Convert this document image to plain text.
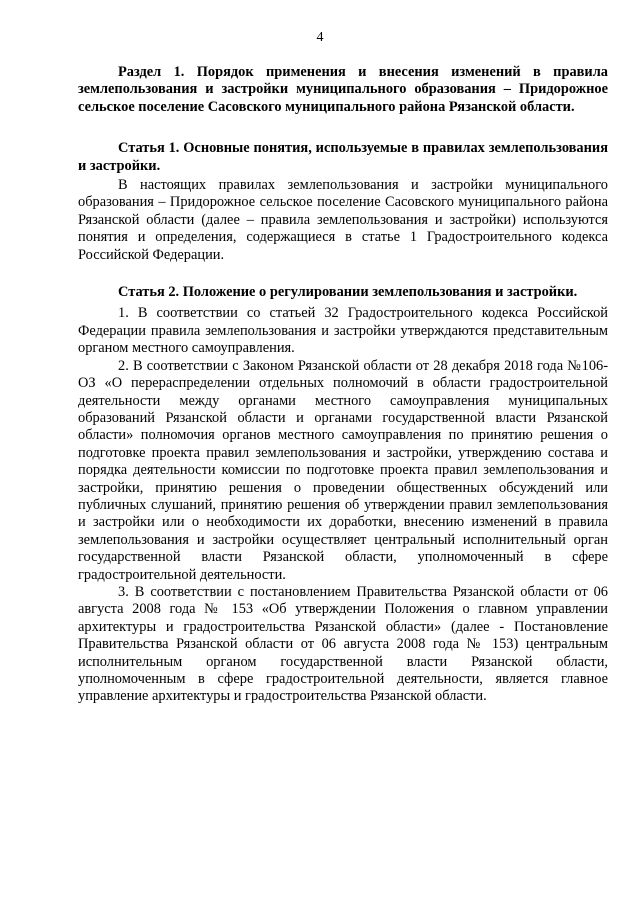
4

Раздел 1. Порядок применения и внесения изменений в правила землепользования и застройки муниципального образования – Придорожное сельское поселение Сасовского муниципального района Рязанской области.

Статья 1. Основные понятия, используемые в правилах землепользования и застройки.

В настоящих правилах землепользования и застройки муниципального образования – Придорожное сельское поселение Сасовского муниципального района Рязанской области (далее – правила землепользования и застройки) используются понятия и определения, содержащиеся в статье 1 Градостроительного кодекса Российской Федерации.

Статья 2. Положение о регулировании землепользования и застройки.

1. В соответствии со статьей 32 Градостроительного кодекса Российской Федерации правила землепользования и застройки утверждаются представительным органом местного самоуправления.

2. В соответствии с Законом Рязанской области от 28 декабря 2018 года №106-ОЗ «О перераспределении отдельных полномочий в области градостроительной деятельности между органами местного самоуправления муниципальных образований Рязанской области и органами государственной власти Рязанской области» полномочия органов местного самоуправления по принятию решения о подготовке проекта правил землепользования и застройки, утверждению состава и порядка деятельности комиссии по подготовке проекта правил землепользования и застройки, принятию решения о проведении общественных обсуждений или публичных слушаний, принятию решения об утверждении правил землепользования и застройки или о необходимости их доработки, внесению изменений в правила землепользования и застройки осуществляет центральный исполнительный орган государственной власти Рязанской области, уполномоченный в сфере градостроительной деятельности.

3. В соответствии с постановлением Правительства Рязанской области от 06 августа 2008 года № 153 «Об утверждении Положения о главном управлении архитектуры и градостроительства Рязанской области» (далее - Постановление Правительства Рязанской области от 06 августа 2008 года № 153) центральным исполнительным органом государственной власти Рязанской области, уполномоченным в сфере градостроительной деятельности, является главное управление архитектуры и градостроительства Рязанской области.
